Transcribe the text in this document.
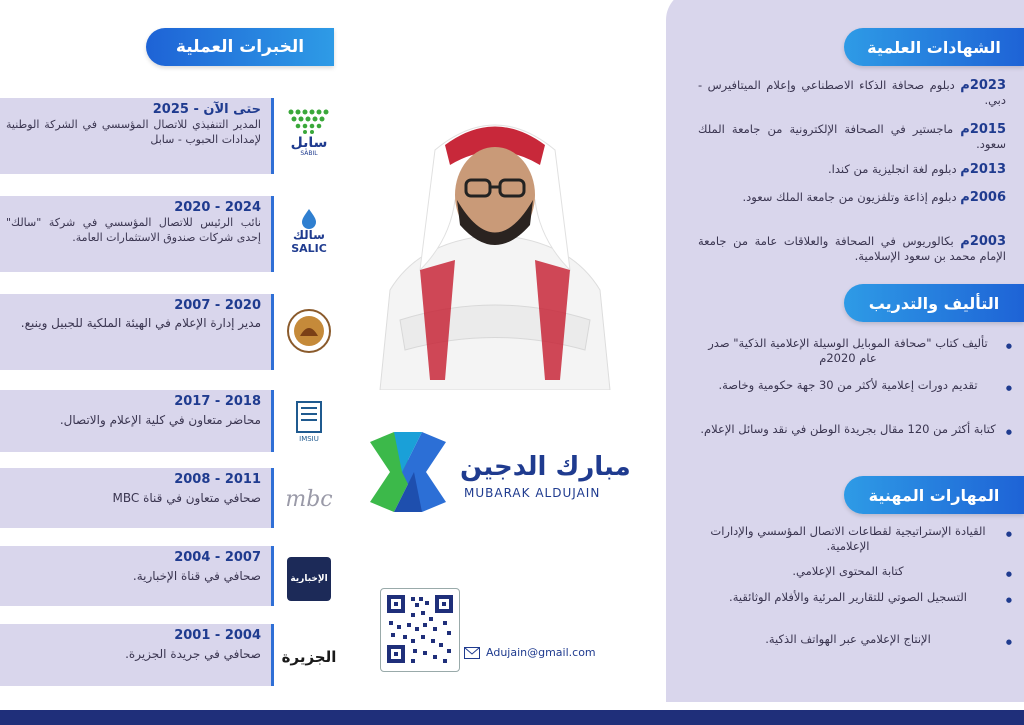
الخبرات العملية
2025 - حتى الآن
المدير التنفيذي للاتصال المؤسسي في الشركة الوطنية لإمدادات الحبوب - سابل سابل
SABIL
2020 - 2024
نائب الرئيس للاتصال المؤسسي في شركة "سالك" إحدى شركات صندوق الاستثمارات العامة.	سالك
SALIC
2007 - 2020
مدير إدارة الإعلام في الهيئة الملكية للجبيل وينبع.
2017 - 2018
محاضر متعاون في كلية الإعلام والاتصال.
IMSIU
2008 - 2011
صحافي متعاون في قناة MBC mbc
2004 - 2007
صحافي في قناة الإخبارية.	الإخبارية
2001 - 2004
صحافي في جريدة الجزيرة. الجزيرة
مبارك الدجين
MUBARAK ALDUJAIN
Adujain@gmail.com
الشهادات العلمية
2023م دبلوم صحافة الذكاء الاصطناعي وإعلام الميتافيرس - دبي.
2015م ماجستير في الصحافة الإلكترونية من جامعة الملك سعود.
2013م دبلوم لغة انجليزية من كندا.
2006م دبلوم إذاعة وتلفزيون من جامعة الملك سعود.
2003م بكالوريوس في الصحافة والعلاقات عامة من جامعة الإمام محمد بن سعود الإسلامية.
التأليف والتدريب
● تأليف كتاب "صحافة الموبايل الوسيلة الإعلامية الذكية" صدر عام 2020م
● تقديم دورات إعلامية لأكثر من 30 جهة حكومية وخاصة.
● كتابة أكثر من 120 مقال بجريدة الوطن في نقد وسائل الإعلام.
المهارات المهنية
● القيادة الإستراتيجية لقطاعات الاتصال المؤسسي والإدارات الإعلامية.
● كتابة المحتوى الإعلامي.
● التسجيل الصوتي للتقارير المرئية والأفلام الوثائقية.
● الإنتاج الإعلامي عبر الهواتف الذكية.
